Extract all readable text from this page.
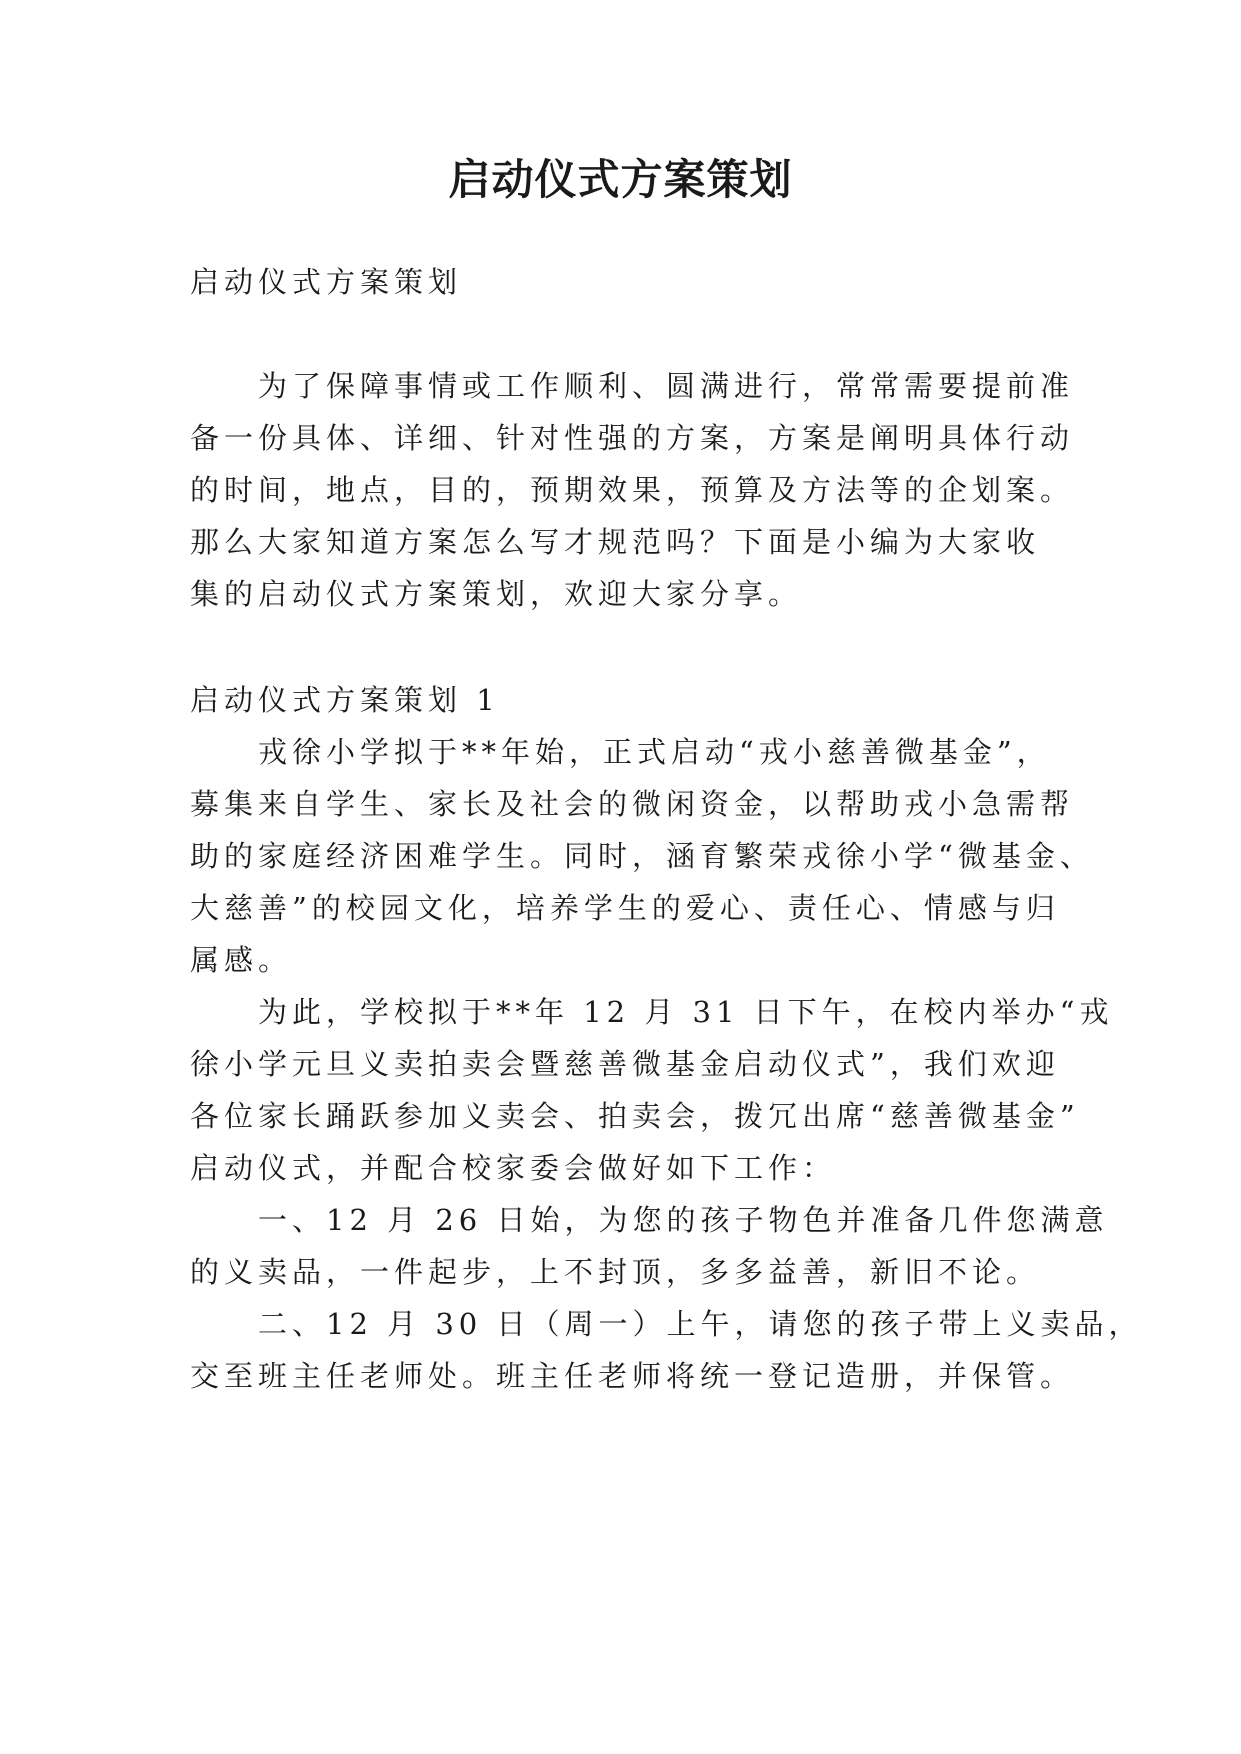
启动仪式方案策划
启动仪式方案策划
为了保障事情或工作顺利、圆满进行，常常需要提前准
备一份具体、详细、针对性强的方案，方案是阐明具体行动
的时间，地点，目的，预期效果，预算及方法等的企划案。
那么大家知道方案怎么写才规范吗？下面是小编为大家收
集的启动仪式方案策划，欢迎大家分享。
启动仪式方案策划 1
戎徐小学拟于**年始，正式启动“戎小慈善微基金”，
募集来自学生、家长及社会的微闲资金，以帮助戎小急需帮
助的家庭经济困难学生。同时，涵育繁荣戎徐小学“微基金、
大慈善”的校园文化，培养学生的爱心、责任心、情感与归
属感。
为此，学校拟于**年 12 月 31 日下午，在校内举办“戎
徐小学元旦义卖拍卖会暨慈善微基金启动仪式”，我们欢迎
各位家长踊跃参加义卖会、拍卖会，拨冗出席“慈善微基金”
启动仪式，并配合校家委会做好如下工作：
一、12 月 26 日始，为您的孩子物色并准备几件您满意
的义卖品，一件起步，上不封顶，多多益善，新旧不论。
二、12 月 30 日（周一）上午，请您的孩子带上义卖品，
交至班主任老师处。班主任老师将统一登记造册，并保管。
